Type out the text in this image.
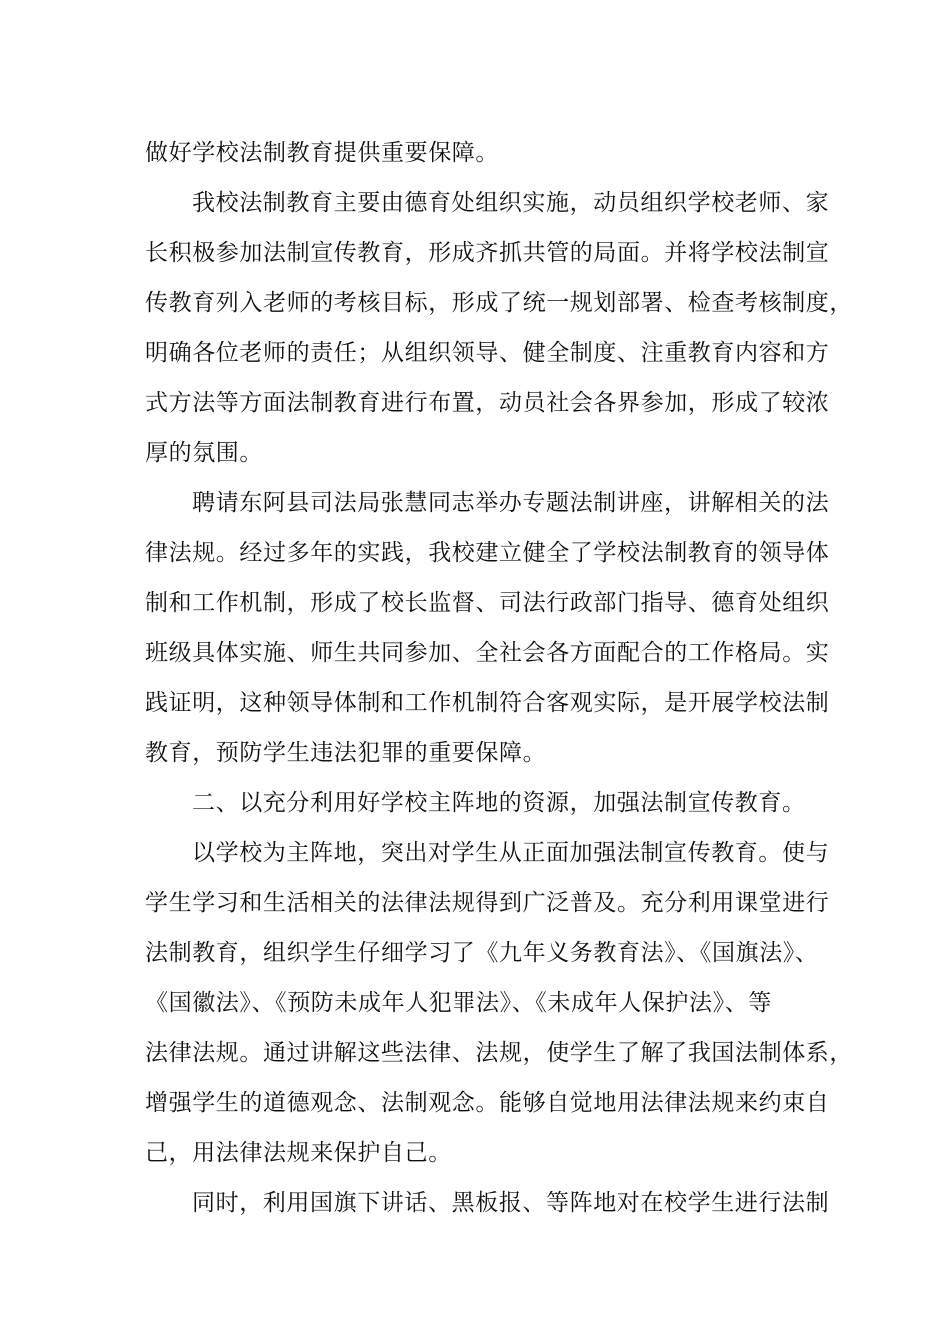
做好学校法制教育提供重要保障。
我校法制教育主要由德育处组织实施，动员组织学校老师、家
长积极参加法制宣传教育，形成齐抓共管的局面。并将学校法制宣
传教育列入老师的考核目标，形成了统一规划部署、检查考核制度，
明确各位老师的责任；从组织领导、健全制度、注重教育内容和方
式方法等方面法制教育进行布置，动员社会各界参加，形成了较浓
厚的氛围。
聘请东阿县司法局张慧同志举办专题法制讲座，讲解相关的法
律法规。经过多年的实践，我校建立健全了学校法制教育的领导体
制和工作机制，形成了校长监督、司法行政部门指导、德育处组织
班级具体实施、师生共同参加、全社会各方面配合的工作格局。实
践证明，这种领导体制和工作机制符合客观实际，是开展学校法制
教育，预防学生违法犯罪的重要保障。
二、以充分利用好学校主阵地的资源，加强法制宣传教育。
以学校为主阵地，突出对学生从正面加强法制宣传教育。使与
学生学习和生活相关的法律法规得到广泛普及。充分利用课堂进行
法制教育，组织学生仔细学习了《九年义务教育法》、《国旗法》、
《国徽法》、《预防未成年人犯罪法》、《未成年人保护法》、等
法律法规。通过讲解这些法律、法规，使学生了解了我国法制体系，
增强学生的道德观念、法制观念。能够自觉地用法律法规来约束自
己，用法律法规来保护自己。
同时，利用国旗下讲话、黑板报、等阵地对在校学生进行法制
